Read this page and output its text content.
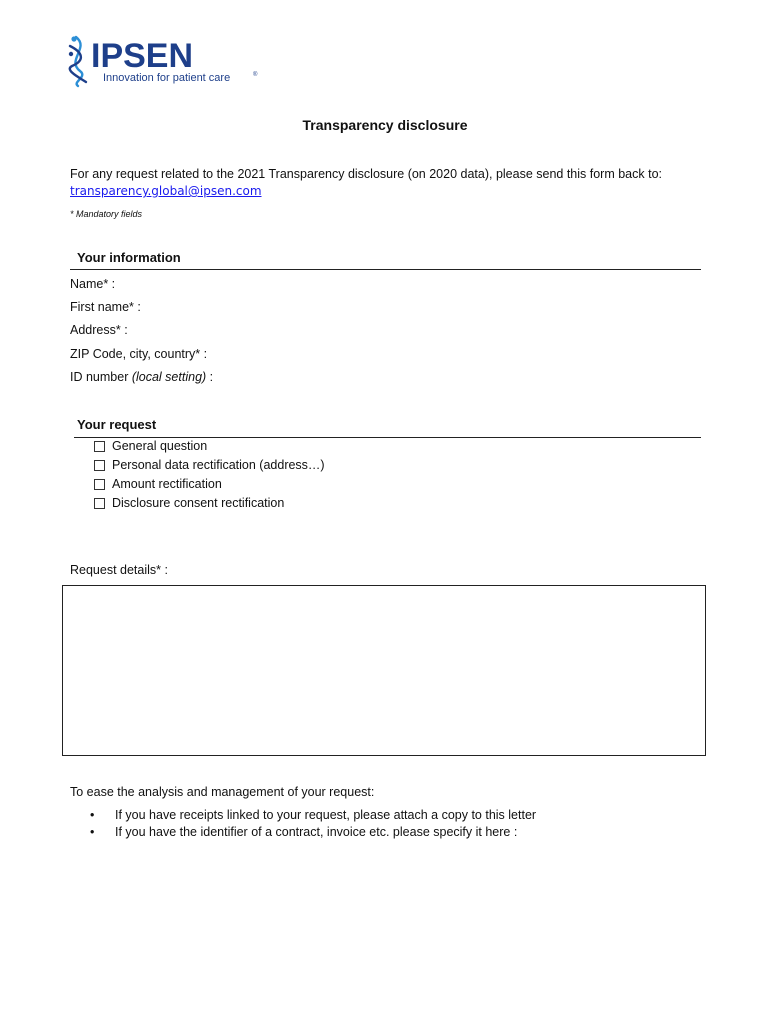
IPSEN
Innovation for patient care	®
Transparency disclosure
For any request related to the 2021 Transparency disclosure (on 2020 data), please send this form back to:
transparency.global@ipsen.com
* Mandatory fields
Your information
Name* :
First name* :
Address* :
ZIP Code, city, country* :
ID number (local setting) :
Your request
General question
Personal data rectification (address…)
Amount rectification
Disclosure consent rectification
Request details* :
To ease the analysis and management of your request:
•	If you have receipts linked to your request, please attach a copy to this letter
•	If you have the identifier of a contract, invoice etc. please specify it here :
